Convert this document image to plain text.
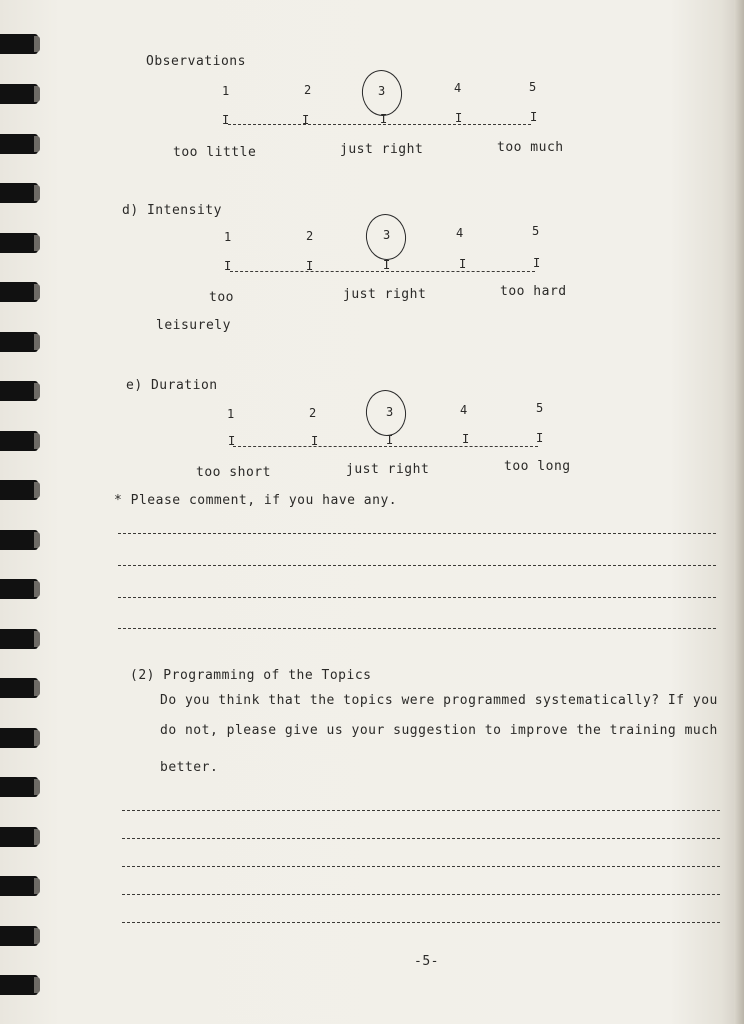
Observations
1	2	3	4	5
I	I	I	I	I
too little	just right	too much
d) Intensity
1	2	3	4	5
I	I	I	I	I
too
leisurely
just right	too hard
e) Duration
1	2	3	4	5
I	I	I	I	I
too short	just right	too long
* Please comment, if you have any.
(2) Programming of the Topics
Do you think that the topics were programmed systematically? If you
do not, please give us your suggestion to improve the training much
better.
-5-
